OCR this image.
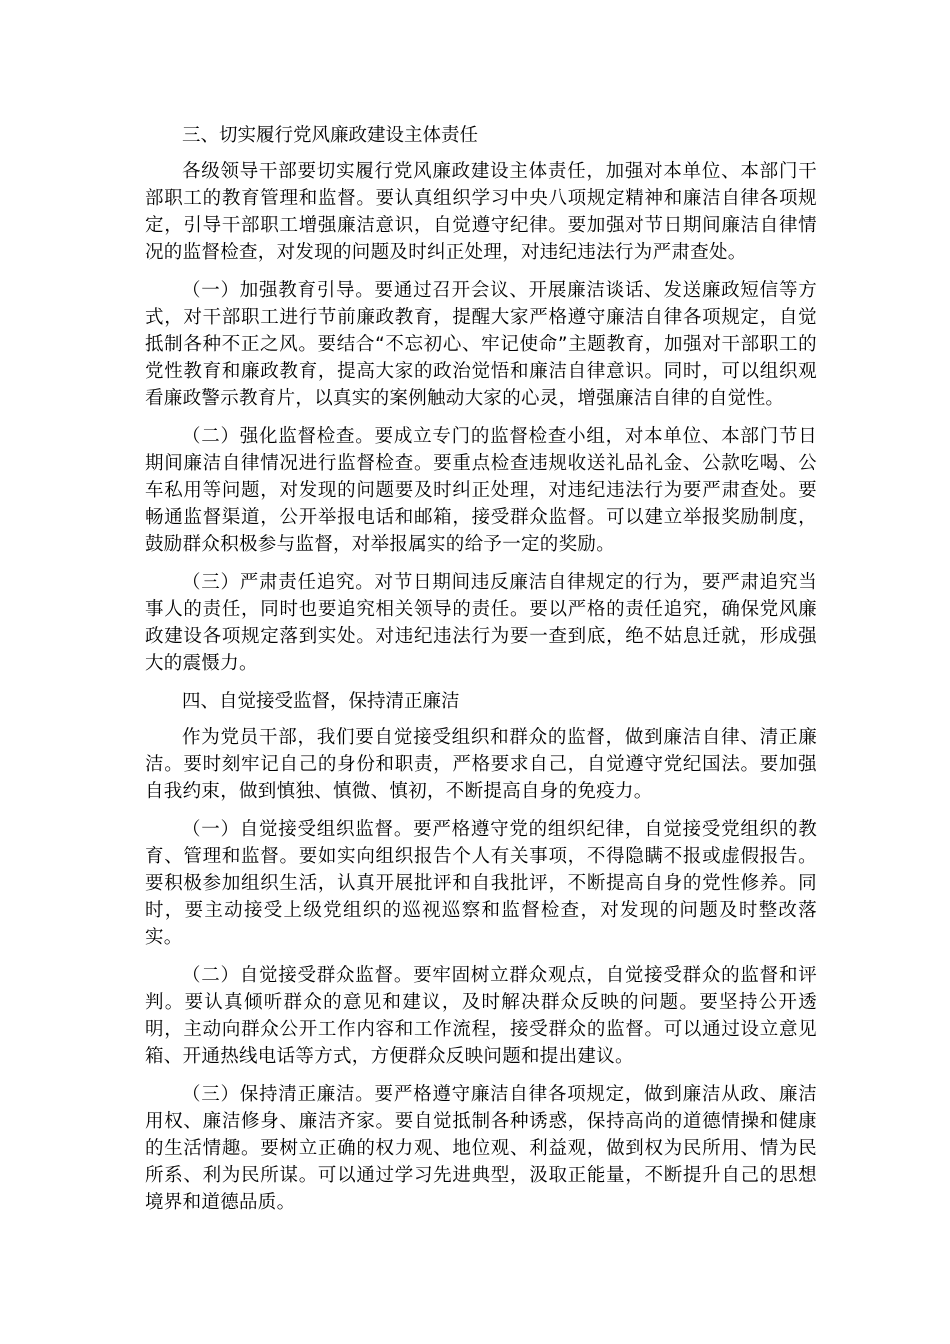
三、切实履行党风廉政建设主体责任

各级领导干部要切实履行党风廉政建设主体责任，加强对本单位、本部门干部职工的教育管理和监督。要认真组织学习中央八项规定精神和廉洁自律各项规定，引导干部职工增强廉洁意识，自觉遵守纪律。要加强对节日期间廉洁自律情况的监督检查，对发现的问题及时纠正处理，对违纪违法行为严肃查处。

（一）加强教育引导。要通过召开会议、开展廉洁谈话、发送廉政短信等方式，对干部职工进行节前廉政教育，提醒大家严格遵守廉洁自律各项规定，自觉抵制各种不正之风。要结合“不忘初心、牢记使命”主题教育，加强对干部职工的党性教育和廉政教育，提高大家的政治觉悟和廉洁自律意识。同时，可以组织观看廉政警示教育片，以真实的案例触动大家的心灵，增强廉洁自律的自觉性。

（二）强化监督检查。要成立专门的监督检查小组，对本单位、本部门节日期间廉洁自律情况进行监督检查。要重点检查违规收送礼品礼金、公款吃喝、公车私用等问题，对发现的问题要及时纠正处理，对违纪违法行为要严肃查处。要畅通监督渠道，公开举报电话和邮箱，接受群众监督。可以建立举报奖励制度，鼓励群众积极参与监督，对举报属实的给予一定的奖励。

（三）严肃责任追究。对节日期间违反廉洁自律规定的行为，要严肃追究当事人的责任，同时也要追究相关领导的责任。要以严格的责任追究，确保党风廉政建设各项规定落到实处。对违纪违法行为要一查到底，绝不姑息迁就，形成强大的震慑力。

四、自觉接受监督，保持清正廉洁

作为党员干部，我们要自觉接受组织和群众的监督，做到廉洁自律、清正廉洁。要时刻牢记自己的身份和职责，严格要求自己，自觉遵守党纪国法。要加强自我约束，做到慎独、慎微、慎初，不断提高自身的免疫力。

（一）自觉接受组织监督。要严格遵守党的组织纪律，自觉接受党组织的教育、管理和监督。要如实向组织报告个人有关事项，不得隐瞒不报或虚假报告。要积极参加组织生活，认真开展批评和自我批评，不断提高自身的党性修养。同时，要主动接受上级党组织的巡视巡察和监督检查，对发现的问题及时整改落实。

（二）自觉接受群众监督。要牢固树立群众观点，自觉接受群众的监督和评判。要认真倾听群众的意见和建议，及时解决群众反映的问题。要坚持公开透明，主动向群众公开工作内容和工作流程，接受群众的监督。可以通过设立意见箱、开通热线电话等方式，方便群众反映问题和提出建议。

（三）保持清正廉洁。要严格遵守廉洁自律各项规定，做到廉洁从政、廉洁用权、廉洁修身、廉洁齐家。要自觉抵制各种诱惑，保持高尚的道德情操和健康的生活情趣。要树立正确的权力观、地位观、利益观，做到权为民所用、情为民所系、利为民所谋。可以通过学习先进典型，汲取正能量，不断提升自己的思想境界和道德品质。
